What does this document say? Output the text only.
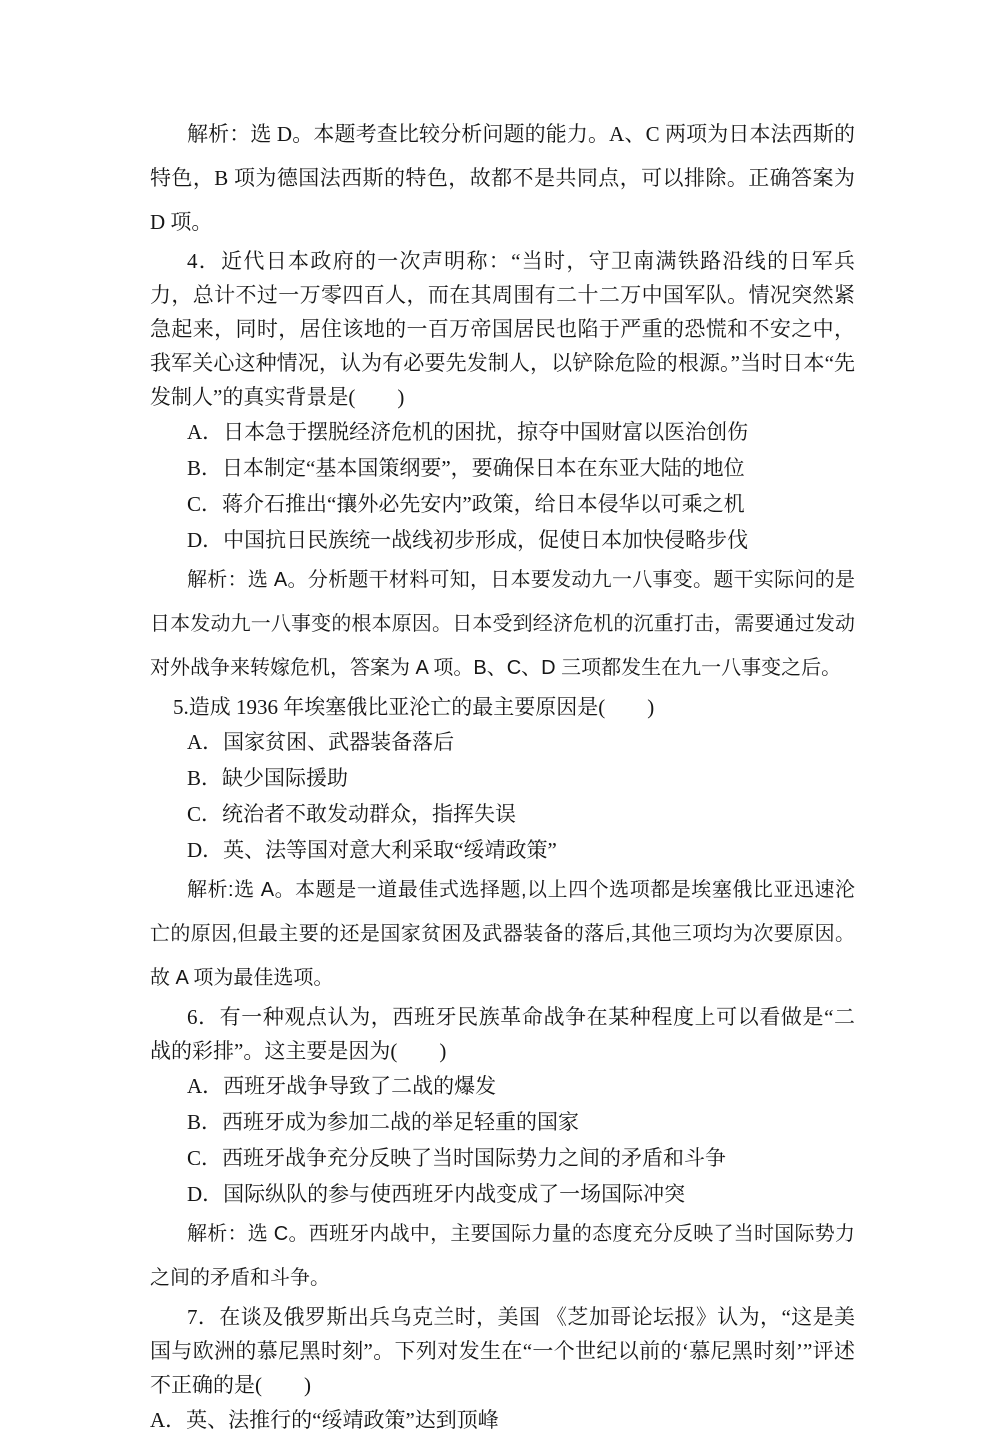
解析：选 D。本题考查比较分析问题的能力。A、C 两项为日本法西斯的特色，B 项为德国法西斯的特色，故都不是共同点，可以排除。正确答案为 D 项。
4．近代日本政府的一次声明称：“当时，守卫南满铁路沿线的日军兵力，总计不过一万零四百人，而在其周围有二十二万中国军队。情况突然紧急起来，同时，居住该地的一百万帝国居民也陷于严重的恐慌和不安之中，我军关心这种情况，认为有必要先发制人，以铲除危险的根源。”当时日本“先发制人”的真实背景是(　　)
A．日本急于摆脱经济危机的困扰，掠夺中国财富以医治创伤
B．日本制定“基本国策纲要”，要确保日本在东亚大陆的地位
C．蒋介石推出“攘外必先安内”政策，给日本侵华以可乘之机
D．中国抗日民族统一战线初步形成，促使日本加快侵略步伐
解析：选 A。分析题干材料可知，日本要发动九一八事变。题干实际问的是日本发动九一八事变的根本原因。日本受到经济危机的沉重打击，需要通过发动对外战争来转嫁危机，答案为 A 项。B、C、D 三项都发生在九一八事变之后。
5.造成 1936 年埃塞俄比亚沦亡的最主要原因是(　　)
A．国家贫困、武器装备落后
B．缺少国际援助
C．统治者不敢发动群众，指挥失误
D．英、法等国对意大利采取“绥靖政策”
解析:选 A。本题是一道最佳式选择题,以上四个选项都是埃塞俄比亚迅速沦亡的原因,但最主要的还是国家贫困及武器装备的落后,其他三项均为次要原因。故 A 项为最佳选项。
6．有一种观点认为，西班牙民族革命战争在某种程度上可以看做是“二战的彩排”。这主要是因为(　　)
A．西班牙战争导致了二战的爆发
B．西班牙成为参加二战的举足轻重的国家
C．西班牙战争充分反映了当时国际势力之间的矛盾和斗争
D．国际纵队的参与使西班牙内战变成了一场国际冲突
解析：选 C。西班牙内战中，主要国际力量的态度充分反映了当时国际势力之间的矛盾和斗争。
7．在谈及俄罗斯出兵乌克兰时，美国 《芝加哥论坛报》认为，“这是美国与欧洲的慕尼黑时刻”。下列对发生在“一个世纪以前的‘慕尼黑时刻’”评述不正确的是(　　)
A．英、法推行的“绥靖政策”达到顶峰
